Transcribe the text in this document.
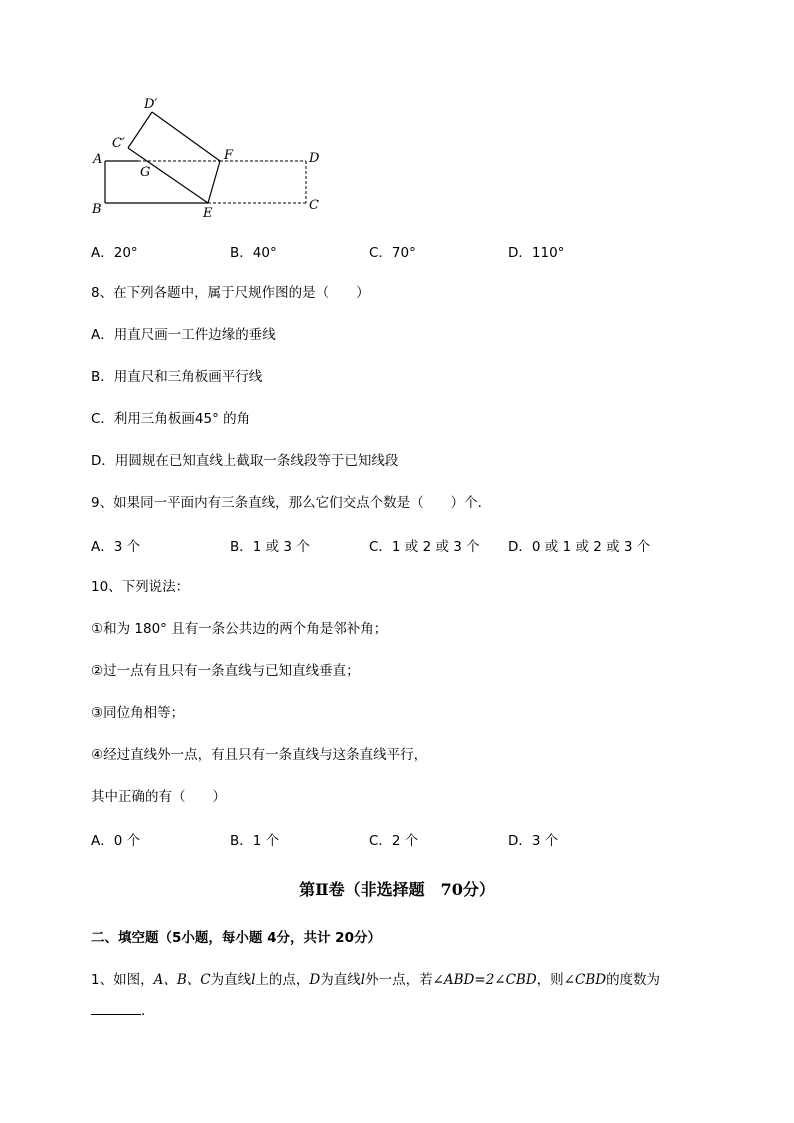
D′
C′
A
G
F	D
B	E
C
A．20°	B．40°	C．70°	D．110°
8、在下列各题中，属于尺规作图的是（　　）
A．用直尺画一工件边缘的垂线
B．用直尺和三角板画平行线
C．利用三角板画45° 的角
D．用圆规在已知直线上截取一条线段等于已知线段
9、如果同一平面内有三条直线，那么它们交点个数是（　　）个．
A．3 个	B．1 或 3 个	C．1 或 2 或 3 个 D．0 或 1 或 2 或 3 个
10、下列说法：
①和为 180° 且有一条公共边的两个角是邻补角；
②过一点有且只有一条直线与已知直线垂直；
③同位角相等；
④经过直线外一点，有且只有一条直线与这条直线平行，
其中正确的有（　　）
A．0 个	B．1 个	C．2 个	D．3 个
第Ⅱ卷（非选择题　70分）
二、填空题（5小题，每小题 4分，共计 20分）
1、如图，A、B、C为直线l上的点，D为直线l外一点，若∠ABD=2∠CBD，则∠CBD的度数为
．
